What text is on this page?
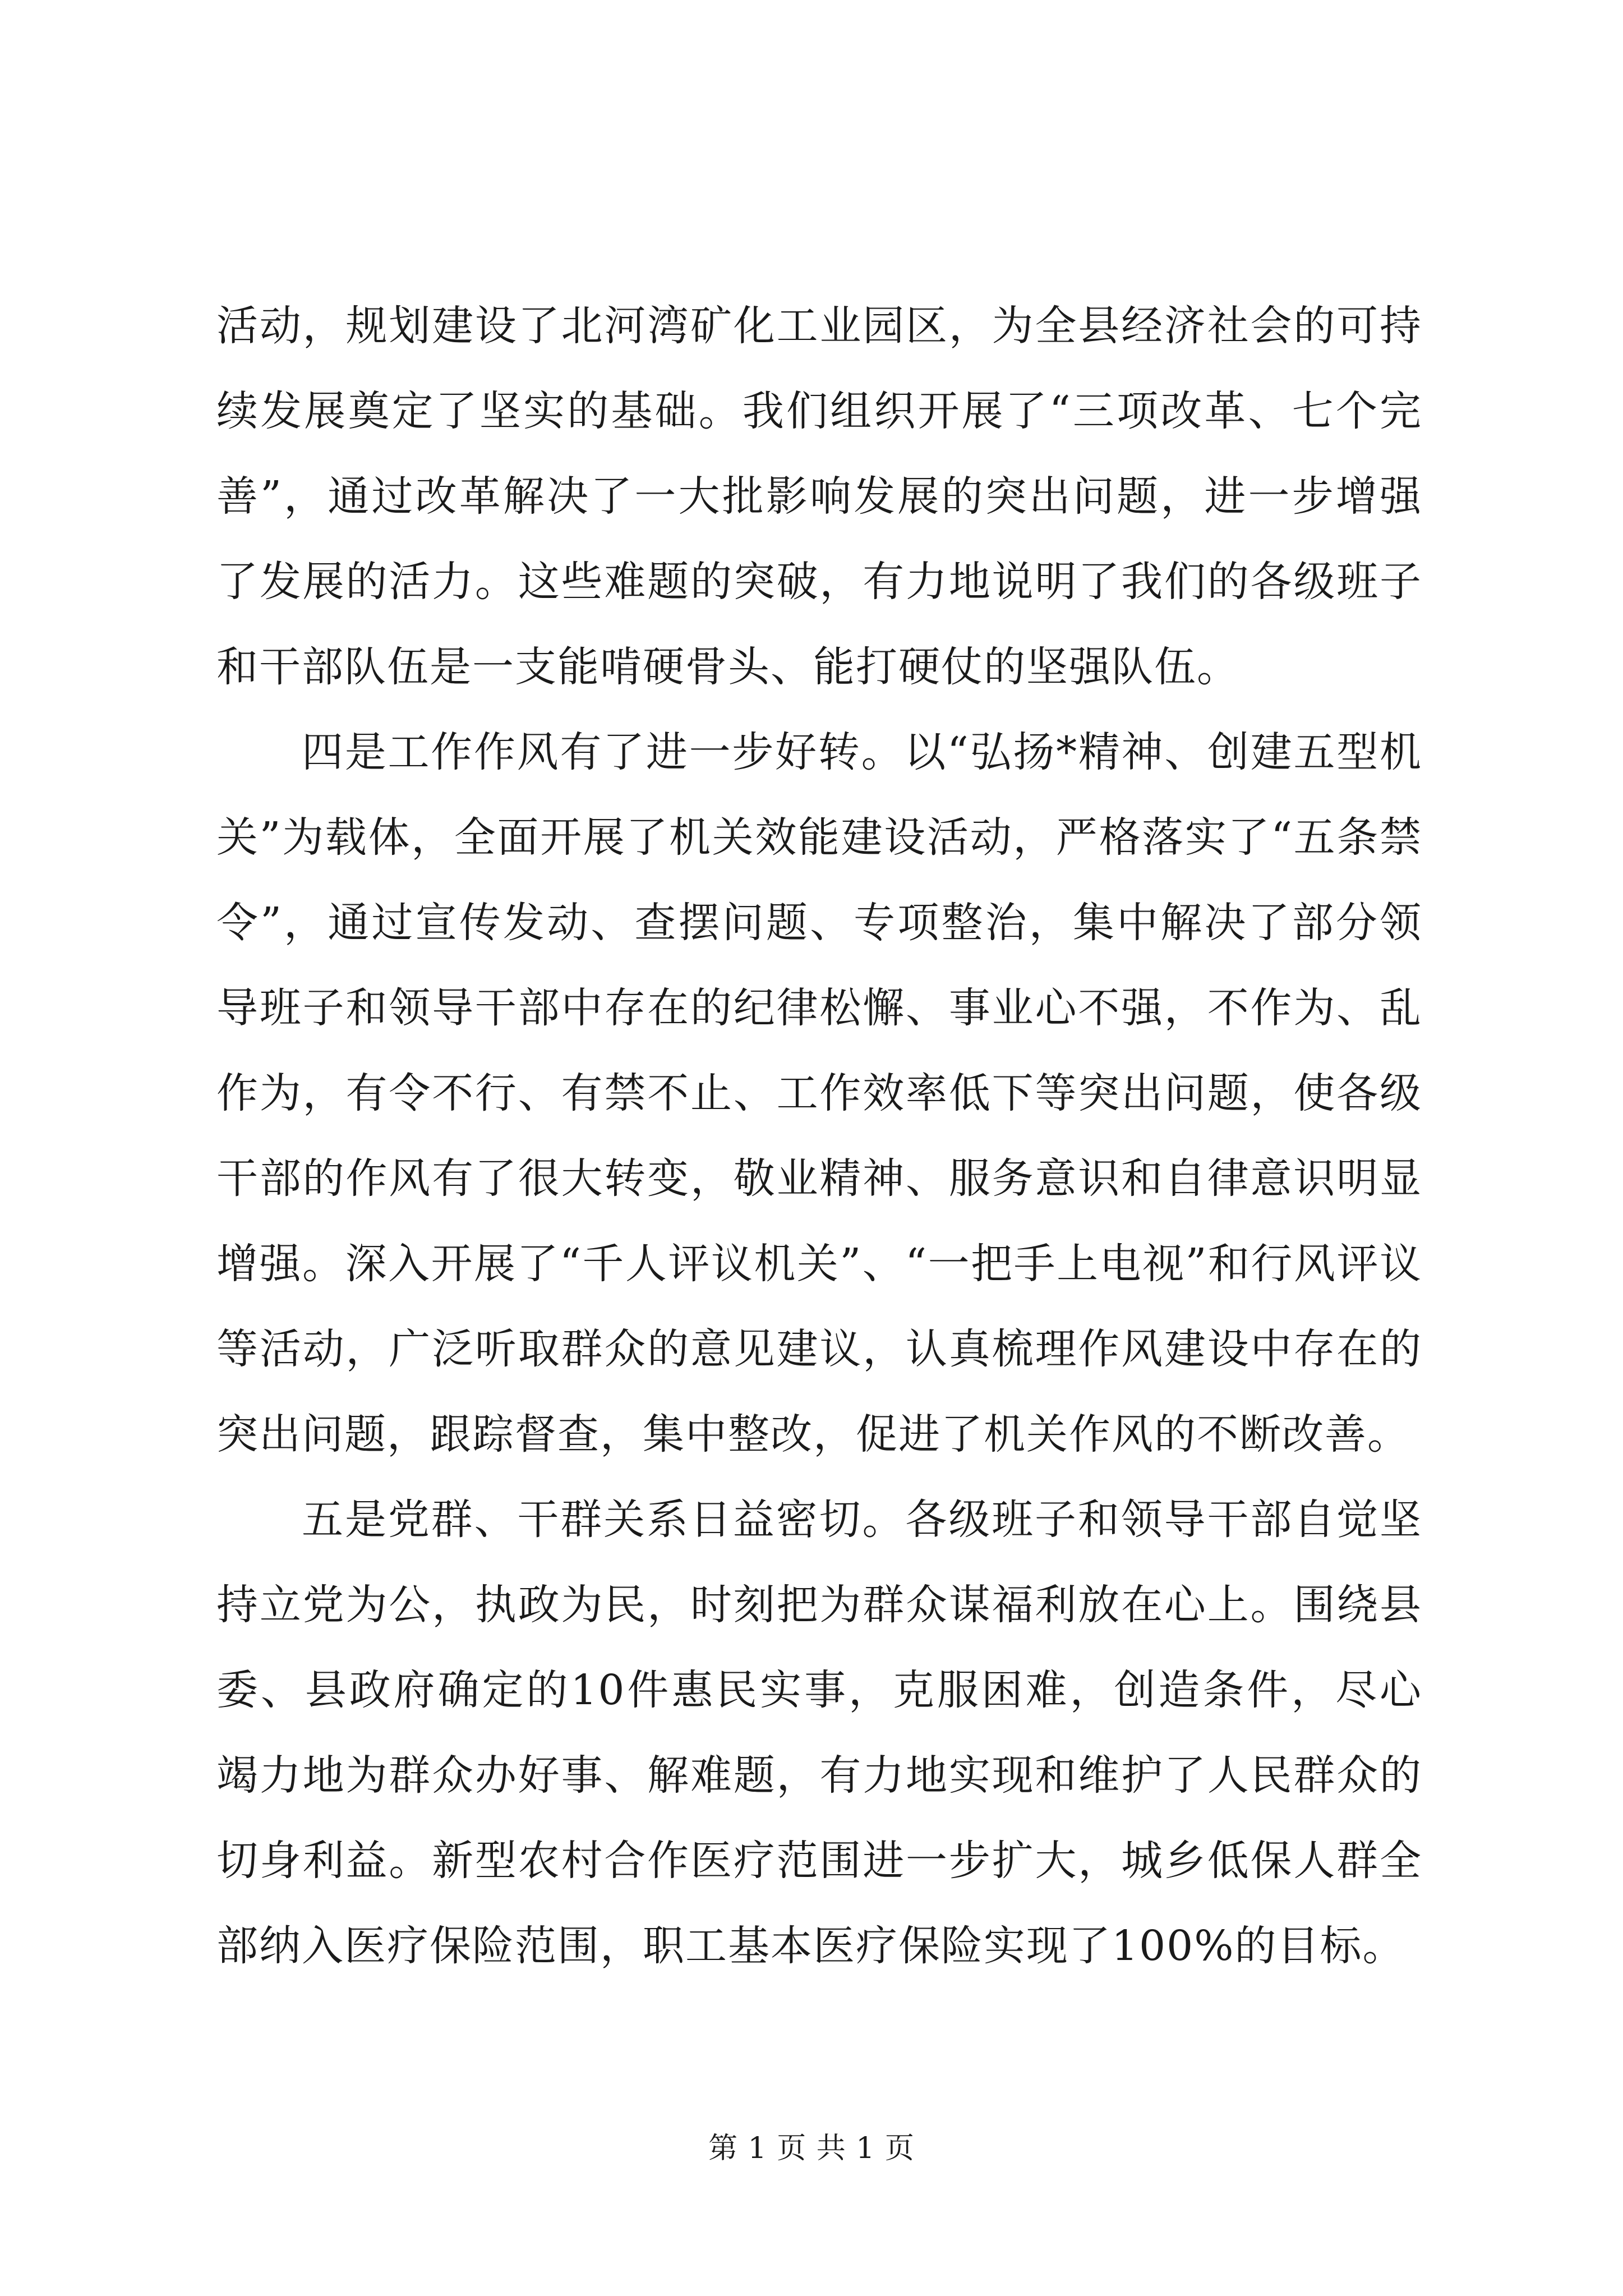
活动，规划建设了北河湾矿化工业园区，为全县经济社会的可持续发展奠定了坚实的基础。我们组织开展了“三项改革、七个完善”，通过改革解决了一大批影响发展的突出问题，进一步增强了发展的活力。这些难题的突破，有力地说明了我们的各级班子和干部队伍是一支能啃硬骨头、能打硬仗的坚强队伍。

四是工作作风有了进一步好转。以“弘扬*精神、创建五型机关”为载体，全面开展了机关效能建设活动，严格落实了“五条禁令”，通过宣传发动、查摆问题、专项整治，集中解决了部分领导班子和领导干部中存在的纪律松懈、事业心不强，不作为、乱作为，有令不行、有禁不止、工作效率低下等突出问题，使各级干部的作风有了很大转变，敬业精神、服务意识和自律意识明显增强。深入开展了“千人评议机关”、“一把手上电视”和行风评议等活动，广泛听取群众的意见建议，认真梳理作风建设中存在的突出问题，跟踪督查，集中整改，促进了机关作风的不断改善。

五是党群、干群关系日益密切。各级班子和领导干部自觉坚持立党为公，执政为民，时刻把为群众谋福利放在心上。围绕县委、县政府确定的10件惠民实事，克服困难，创造条件，尽心竭力地为群众办好事、解难题，有力地实现和维护了人民群众的切身利益。新型农村合作医疗范围进一步扩大，城乡低保人群全部纳入医疗保险范围，职工基本医疗保险实现了100%的目标。

第 1 页 共 1 页
